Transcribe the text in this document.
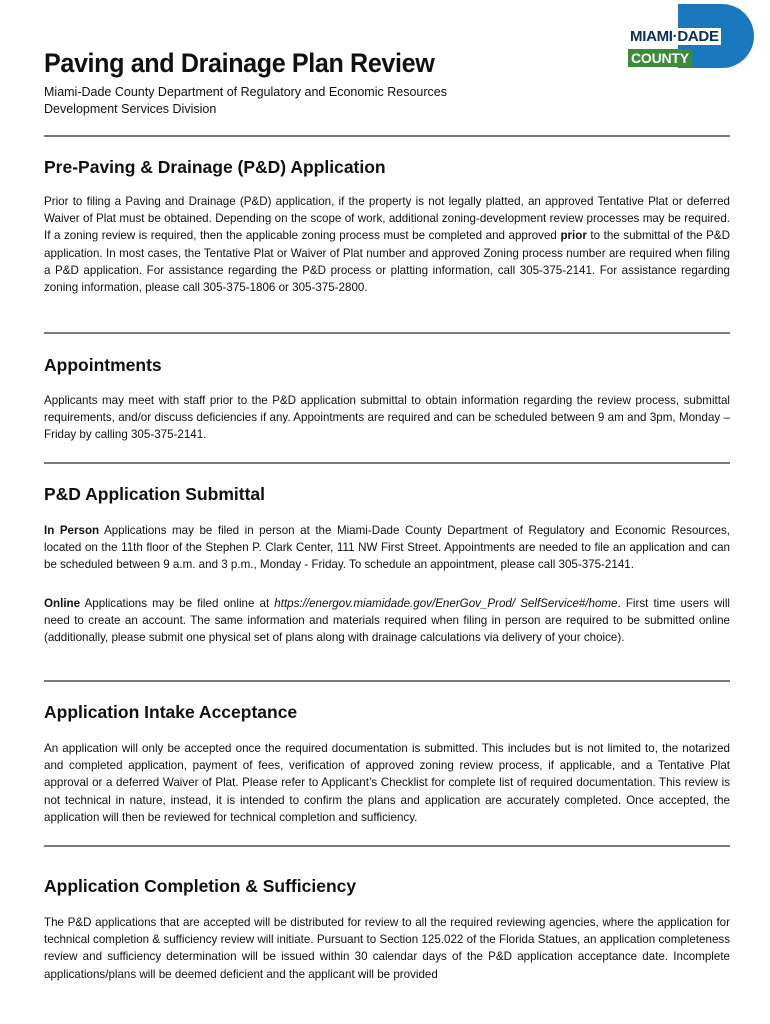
MIAMI·DADE
COUNTY
Paving and Drainage Plan Review
Miami-Dade County Department of Regulatory and Economic Resources
Development Services Division
Pre-Paving & Drainage (P&D) Application

Prior to filing a Paving and Drainage (P&D) application, if the property is not legally platted, an approved Tentative Plat or deferred Waiver of Plat must be obtained. Depending on the scope of work, additional zoning-development review processes may be required. If a zoning review is required, then the applicable zoning process must be completed and approved prior to the submittal of the P&D application. In most cases, the Tentative Plat or Waiver of Plat number and approved Zoning process number are required when filing a P&D application. For assistance regarding the P&D process or platting information, call 305-375-2141. For assistance regarding zoning information, please call 305-375-1806 or 305-375-2800.

Appointments

Applicants may meet with staff prior to the P&D application submittal to obtain information regarding the review process, submittal requirements, and/or discuss deficiencies if any. Appointments are required and can be scheduled between 9 am and 3pm, Monday – Friday by calling 305-375-2141.

P&D Application Submittal

In Person Applications may be filed in person at the Miami-Dade County Department of Regulatory and Economic Resources, located on the 11th floor of the Stephen P. Clark Center, 111 NW First Street. Appointments are needed to file an application and can be scheduled between 9 a.m. and 3 p.m., Monday - Friday. To schedule an appointment, please call 305-375-2141.

Online Applications may be filed online at https://energov.miamidade.gov/EnerGov_Prod/ SelfService#/home. First time users will need to create an account. The same information and materials required when filing in person are required to be submitted online (additionally, please submit one physical set of plans along with drainage calculations via delivery of your choice).

Application Intake Acceptance

An application will only be accepted once the required documentation is submitted. This includes but is not limited to, the notarized and completed application, payment of fees, verification of approved zoning review process, if applicable, and a Tentative Plat approval or a deferred Waiver of Plat. Please refer to Applicant’s Checklist for complete list of required documentation. This review is not technical in nature, instead, it is intended to confirm the plans and application are accurately completed. Once accepted, the application will then be reviewed for technical completion and sufficiency.

Application Completion & Sufficiency

The P&D applications that are accepted will be distributed for review to all the required reviewing agencies, where the application for technical completion & sufficiency review will initiate. Pursuant to Section 125.022 of the Florida Statues, an application completeness review and sufficiency determination will be issued within 30 calendar days of the P&D application acceptance date. Incomplete applications/plans will be deemed deficient and the applicant will be provided
